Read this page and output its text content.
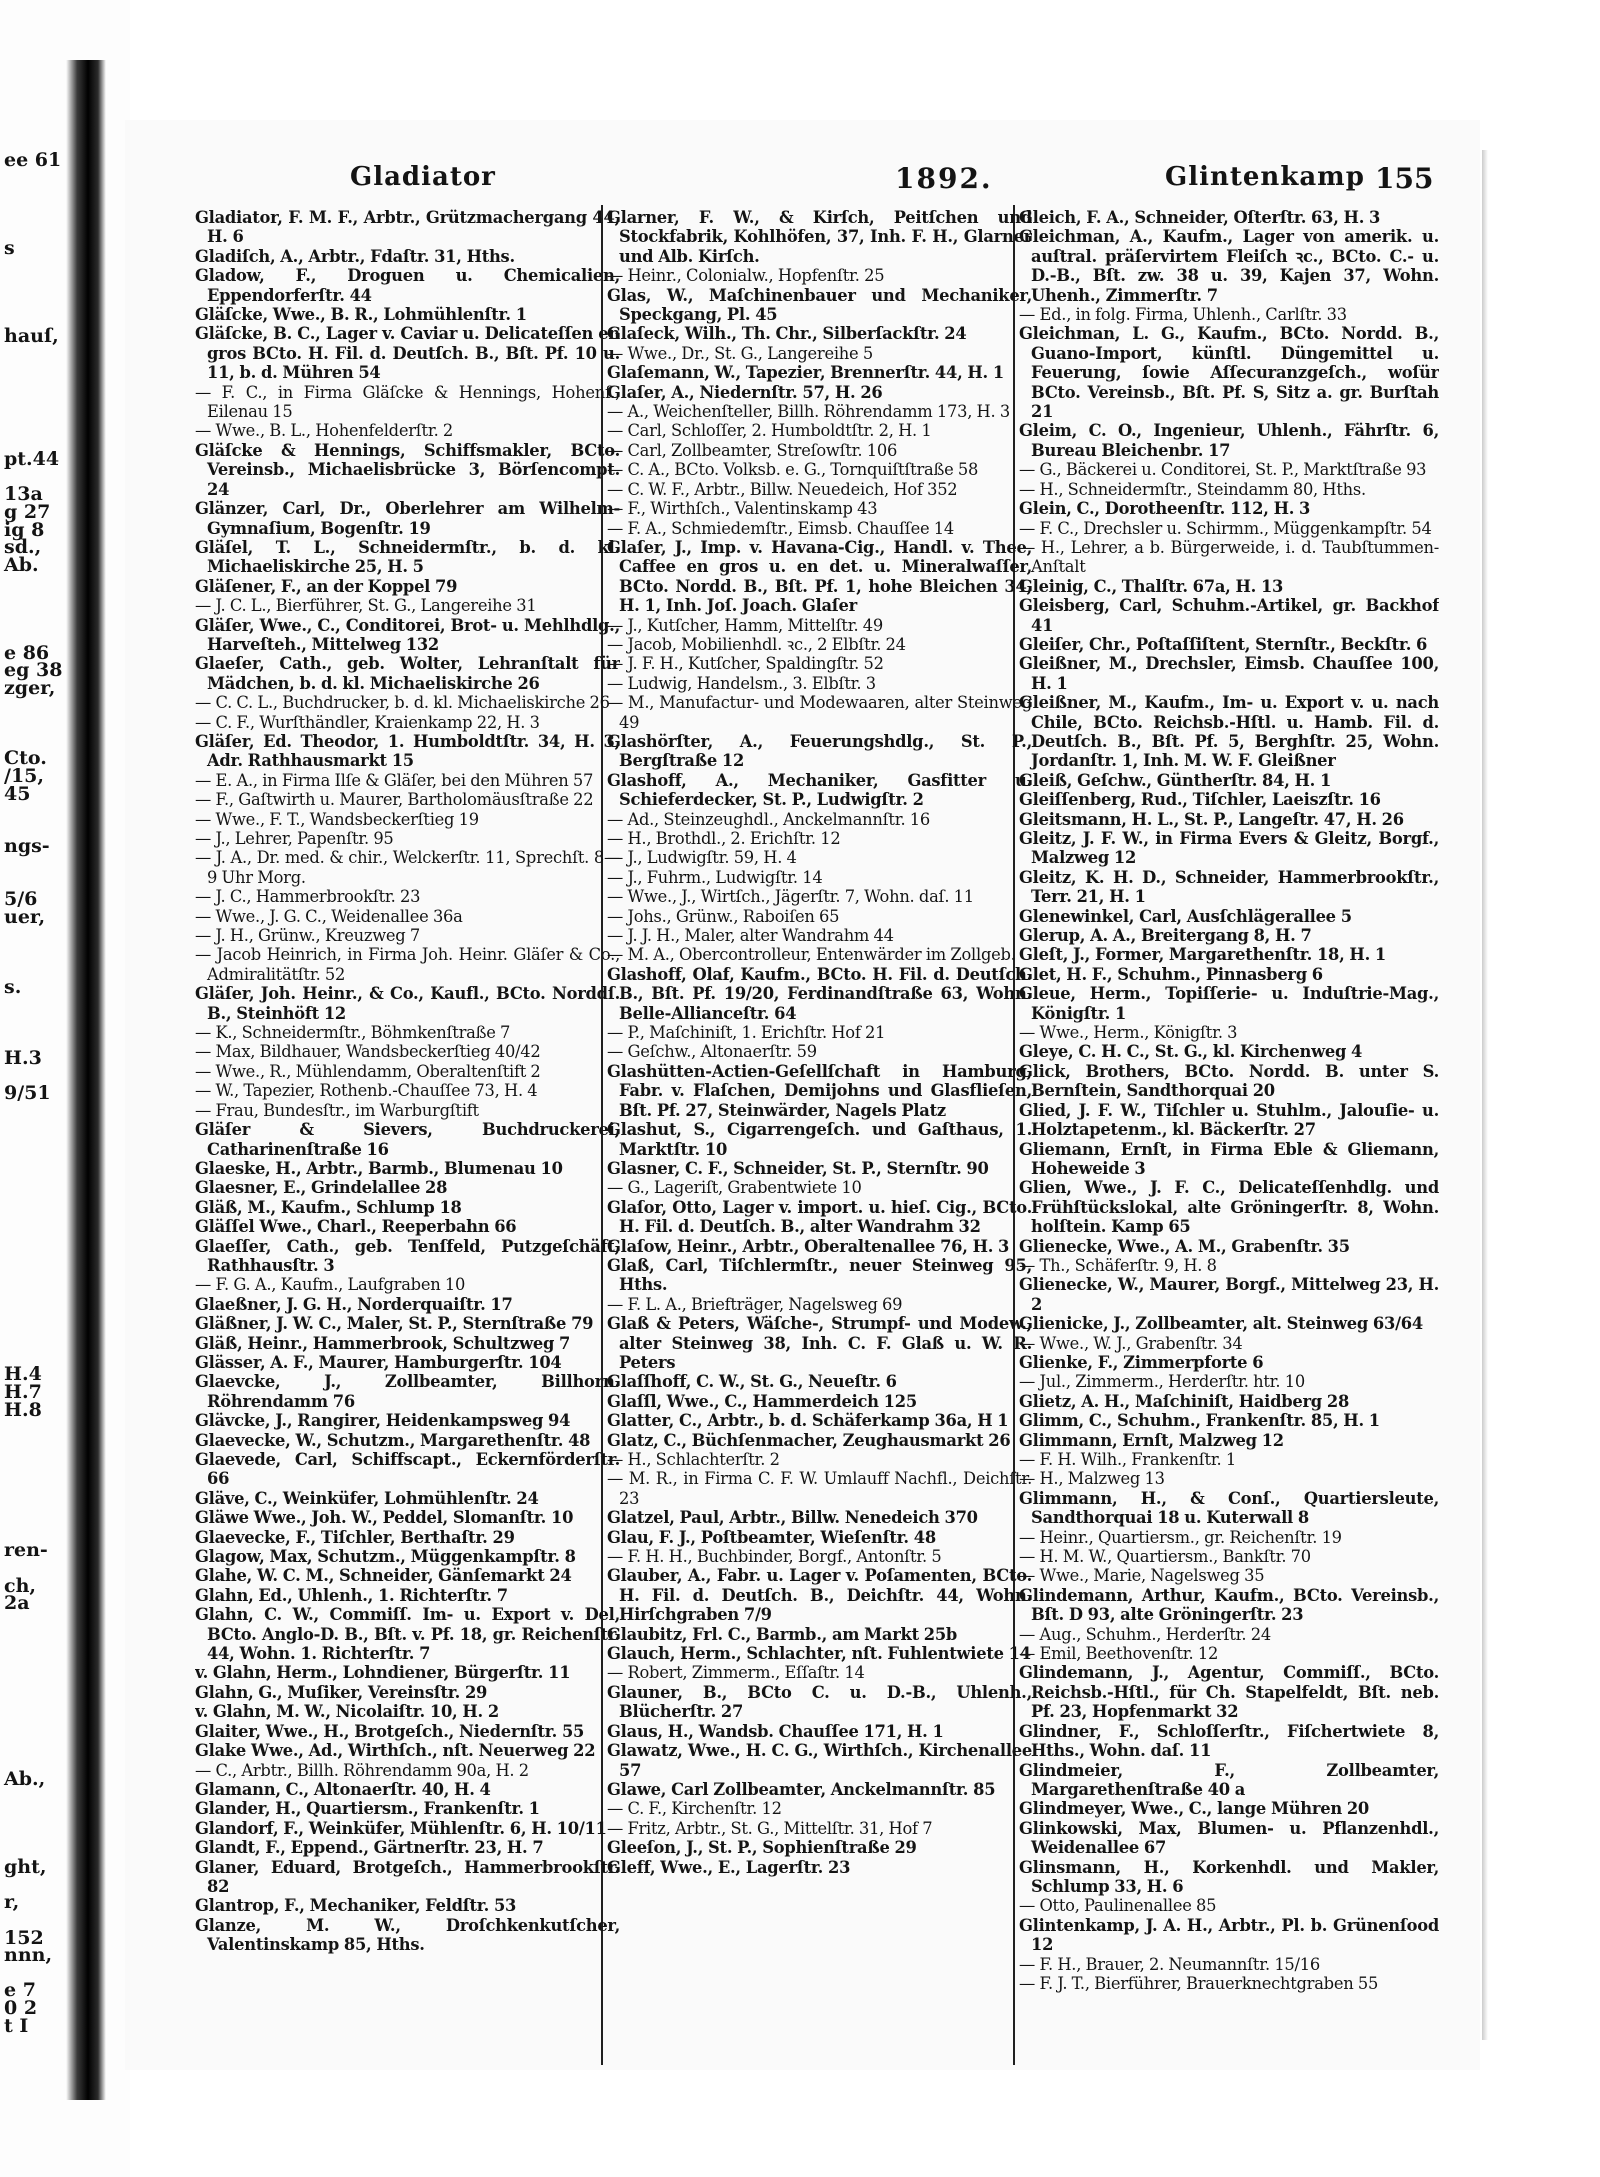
ee 61
s
hauſ,
pt.44
13a
g 27
ig 8
sd.,
Ab.
e 86
eg 38
zger,
Cto.
/15,
45
ngs-
5/6
uer,
s.
H.3
9/51
H.4
H.7
H.8
ren-
ch,
2a
Ab.,
ght,
r,
152
nnn,
e 7
0 2
t I
Gladiator	1892.	Glintenkamp 155

Gladiator, F. M. F., Arbtr., Grützmachergang 44, H. 6

Gladiſch, A., Arbtr., Fdaſtr. 31, Hths.

Gladow, F., Droguen u. Chemicalien, Eppendorferſtr. 44

Gläſcke, Wwe., B. R., Lohmühlenſtr. 1

Gläſcke, B. C., Lager v. Caviar u. Delicateſſen en gros BCto. H. Fil. d. Deutſch. B., Bſt. Pf. 10 u. 11, b. d. Mühren 54

— F. C., in Firma Gläſcke & Hennings, Hohenf., Eilenau 15

— Wwe., B. L., Hohenfelderſtr. 2

Gläſcke & Hennings, Schiffsmakler, BCto. Vereinsb., Michaelisbrücke 3, Börſencompt. 24

Glänzer, Carl, Dr., Oberlehrer am Wilhelm-Gymnaſium, Bogenſtr. 19

Gläſel, T. L., Schneidermſtr., b. d. kl. Michaeliskirche 25, H. 5

Gläſener, F., an der Koppel 79

— J. C. L., Bierführer, St. G., Langereihe 31

Gläſer, Wwe., C., Conditorei, Brot- u. Mehlhdlg., Harveſteh., Mittelweg 132

Glaeſer, Cath., geb. Wolter, Lehranſtalt für Mädchen, b. d. kl. Michaeliskirche 26

— C. C. L., Buchdrucker, b. d. kl. Michaeliskirche 26

— C. F., Wurſthändler, Kraienkamp 22, H. 3

Gläſer, Ed. Theodor, 1. Humboldtſtr. 34, H. 3, Adr. Rathhausmarkt 15

— E. A., in Firma Ilſe & Gläſer, bei den Mühren 57

— F., Gaſtwirth u. Maurer, Bartholomäusſtraße 22

— Wwe., F. T., Wandsbeckerſtieg 19

— J., Lehrer, Papenſtr. 95

— J. A., Dr. med. & chir., Welckerſtr. 11, Sprechſt. 8—9 Uhr Morg.

— J. C., Hammerbrookſtr. 23

— Wwe., J. G. C., Weidenallee 36a

— J. H., Grünw., Kreuzweg 7

— Jacob Heinrich, in Firma Joh. Heinr. Gläſer & Co., Admiralitätſtr. 52

Gläſer, Joh. Heinr., & Co., Kaufl., BCto. Norddſ. B., Steinhöft 12

— K., Schneidermſtr., Böhmkenſtraße 7

— Max, Bildhauer, Wandsbeckerſtieg 40/42

— Wwe., R., Mühlendamm, Oberaltenſtift 2

— W., Tapezier, Rothenb.-Chauſſee 73, H. 4

— Frau, Bundesſtr., im Warburgſtift

Gläſer & Sievers, Buchdruckerei, Catharinenſtraße 16

Glaeske, H., Arbtr., Barmb., Blumenau 10

Glaesner, E., Grindelallee 28

Gläß, M., Kaufm., Schlump 18

Gläſſel Wwe., Charl., Reeperbahn 66

Glaeſſer, Cath., geb. Tenſfeld, Putzgeſchäft, Rathhausſtr. 3

— F. G. A., Kaufm., Laufgraben 10

Glaeßner, J. G. H., Norderquaiſtr. 17

Gläßner, J. W. C., Maler, St. P., Sternſtraße 79

Gläß, Heinr., Hammerbrook, Schultzweg 7

Glässer, A. F., Maurer, Hamburgerſtr. 104

Glaevcke, J., Zollbeamter, Billhorn. Röhrendamm 76

Glävcke, J., Rangirer, Heidenkampsweg 94

Glaevecke, W., Schutzm., Margarethenſtr. 48

Glaevede, Carl, Schiffscapt., Eckernförderſtr. 66

Gläve, C., Weinküfer, Lohmühlenſtr. 24

Gläwe Wwe., Joh. W., Peddel, Slomanſtr. 10

Glaevecke, F., Tiſchler, Berthaſtr. 29

Glagow, Max, Schutzm., Müggenkampſtr. 8

Glahe, W. C. M., Schneider, Gänſemarkt 24

Glahn, Ed., Uhlenh., 1. Richterſtr. 7

Glahn, C. W., Commiſſ. Im- u. Export v. Del, BCto. Anglo-D. B., Bſt. v. Pf. 18, gr. Reichenſtr. 44, Wohn. 1. Richterſtr. 7

v. Glahn, Herm., Lohndiener, Bürgerſtr. 11

Glahn, G., Muſiker, Vereinsſtr. 29

v. Glahn, M. W., Nicolaiſtr. 10, H. 2

Glaiter, Wwe., H., Brotgeſch., Niedernſtr. 55

Glake Wwe., Ad., Wirthſch., nſt. Neuerweg 22

— C., Arbtr., Billh. Röhrendamm 90a, H. 2

Glamann, C., Altonaerſtr. 40, H. 4

Glander, H., Quartiersm., Frankenſtr. 1

Glandorf, F., Weinküfer, Mühlenſtr. 6, H. 10/11

Glandt, F., Eppend., Gärtnerſtr. 23, H. 7

Glaner, Eduard, Brotgeſch., Hammerbrookſtr. 82

Glantrop, F., Mechaniker, Feldſtr. 53

Glanze, M. W., Droſchkenkutſcher, Valentinskamp 85, Hths.

Glarner, F. W., & Kirſch, Peitſchen und Stockfabrik, Kohlhöfen, 37, Inh. F. H., Glarner und Alb. Kirſch.

— Heinr., Colonialw., Hopfenſtr. 25

Glas, W., Maſchinenbauer und Mechaniker, Speckgang, Pl. 45

Glaſeck, Wilh., Th. Chr., Silberſackſtr. 24

— Wwe., Dr., St. G., Langereihe 5

Glaſemann, W., Tapezier, Brennerſtr. 44, H. 1

Glaſer, A., Niedernſtr. 57, H. 26

— A., Weichenſteller, Billh. Röhrendamm 173, H. 3

— Carl, Schloſſer, 2. Humboldtſtr. 2, H. 1

— Carl, Zollbeamter, Streſowſtr. 106

— C. A., BCto. Volksb. e. G., Tornquiſtſtraße 58

— C. W. F., Arbtr., Billw. Neuedeich, Hof 352

— F., Wirthſch., Valentinskamp 43

— F. A., Schmiedemſtr., Eimsb. Chauſſee 14

Glaſer, J., Imp. v. Havana-Cig., Handl. v. Thee, Caffee en gros u. en det. u. Mineralwaſſer, BCto. Nordd. B., Bſt. Pf. 1, hohe Bleichen 34, H. 1, Inh. Joſ. Joach. Glaſer

— J., Kutſcher, Hamm, Mittelſtr. 49

— Jacob, Mobilienhdl. ꝛc., 2 Elbſtr. 24

— J. F. H., Kutſcher, Spaldingſtr. 52

— Ludwig, Handelsm., 3. Elbſtr. 3

— M., Manufactur- und Modewaaren, alter Steinweg 49

Glashörſter, A., Feuerungshdlg., St. P., Bergſtraße 12

Glashoff, A., Mechaniker, Gasfitter u. Schieferdecker, St. P., Ludwigſtr. 2

— Ad., Steinzeughdl., Anckelmannſtr. 16

— H., Brothdl., 2. Erichſtr. 12

— J., Ludwigſtr. 59, H. 4

— J., Fuhrm., Ludwigſtr. 14

— Wwe., J., Wirtſch., Jägerſtr. 7, Wohn. daſ. 11

— Johs., Grünw., Raboiſen 65

— J. J. H., Maler, alter Wandrahm 44

— M. A., Obercontrolleur, Entenwärder im Zollgeb.

Glashoff, Olaf, Kaufm., BCto. H. Fil. d. Deutſch. B., Bſt. Pf. 19/20, Ferdinandſtraße 63, Wohn. Belle-Allianceſtr. 64

— P., Maſchiniſt, 1. Erichſtr. Hof 21

— Geſchw., Altonaerſtr. 59

Glashütten-Actien-Geſellſchaft in Hamburg, Fabr. v. Flaſchen, Demijohns und Glasflieſen, Bſt. Pf. 27, Steinwärder, Nagels Platz

Glashut, S., Cigarrengeſch. und Gaſthaus, 1. Marktſtr. 10

Glasner, C. F., Schneider, St. P., Sternſtr. 90

— G., Lageriſt, Grabentwiete 10

Glaſor, Otto, Lager v. import. u. hieſ. Cig., BCto. H. Fil. d. Deutſch. B., alter Wandrahm 32

Glaſow, Heinr., Arbtr., Oberaltenallee 76, H. 3

Glaß, Carl, Tiſchlermſtr., neuer Steinweg 95, Hths.

— F. L. A., Briefträger, Nagelsweg 69

Glaß & Peters, Wäſche-, Strumpf- und Modew., alter Steinweg 38, Inh. C. F. Glaß u. W. R. Peters

Glaſſhoff, C. W., St. G., Neueſtr. 6

Glaſſl, Wwe., C., Hammerdeich 125

Glatter, C., Arbtr., b. d. Schäferkamp 36a, H 1

Glatz, C., Büchſenmacher, Zeughausmarkt 26

— H., Schlachterſtr. 2

— M. R., in Firma C. F. W. Umlauff Nachfl., Deichſtr. 23

Glatzel, Paul, Arbtr., Billw. Nenedeich 370

Glau, F. J., Poſtbeamter, Wieſenſtr. 48

— F. H. H., Buchbinder, Borgf., Antonſtr. 5

Glauber, A., Fabr. u. Lager v. Poſamenten, BCto. H. Fil. d. Deutſch. B., Deichſtr. 44, Wohn. Hirſchgraben 7/9

Glaubitz, Frl. C., Barmb., am Markt 25b

Glauch, Herm., Schlachter, nſt. Fuhlentwiete 14

— Robert, Zimmerm., Eſſaſtr. 14

Glauner, B., BCto C. u. D.-B., Uhlenh., Blücherſtr. 27

Glaus, H., Wandsb. Chauſſee 171, H. 1

Glawatz, Wwe., H. C. G., Wirthſch., Kirchenallee 57

Glawe, Carl Zollbeamter, Anckelmannſtr. 85

— C. F., Kirchenſtr. 12

— Fritz, Arbtr., St. G., Mittelſtr. 31, Hof 7

Gleeſon, J., St. P., Sophienſtraße 29

Gleff, Wwe., E., Lagerſtr. 23

Gleich, F. A., Schneider, Oſterſtr. 63, H. 3

Gleichman, A., Kaufm., Lager von amerik. u. auſtral. präſervirtem Fleiſch ꝛc., BCto. C.- u. D.-B., Bſt. zw. 38 u. 39, Kajen 37, Wohn. Uhenh., Zimmerſtr. 7

— Ed., in folg. Firma, Uhlenh., Carlſtr. 33

Gleichman, L. G., Kaufm., BCto. Nordd. B., Guano-Import, künſtl. Düngemittel u. Feuerung, ſowie Aſſecuranzgeſch., woſür BCto. Vereinsb., Bſt. Pf. S, Sitz a. gr. Burſtah 21

Gleim, C. O., Ingenieur, Uhlenh., Fährſtr. 6, Bureau Bleichenbr. 17

— G., Bäckerei u. Conditorei, St. P., Marktſtraße 93

— H., Schneidermſtr., Steindamm 80, Hths.

Glein, C., Dorotheenſtr. 112, H. 3

— F. C., Drechsler u. Schirmm., Müggenkampſtr. 54

— H., Lehrer, a b. Bürgerweide, i. d. Taubſtummen-Anſtalt

Gleinig, C., Thalſtr. 67a, H. 13

Gleisberg, Carl, Schuhm.-Artikel, gr. Backhof 41

Gleiſer, Chr., Poſtaſſiſtent, Sternſtr., Beckſtr. 6

Gleißner, M., Drechsler, Eimsb. Chauſſee 100, H. 1

Gleißner, M., Kaufm., Im- u. Export v. u. nach Chile, BCto. Reichsb.-Hſtl. u. Hamb. Fil. d. Deutſch. B., Bſt. Pf. 5, Berghſtr. 25, Wohn. Jordanſtr. 1, Inh. M. W. F. Gleißner

Gleiß, Geſchw., Güntherſtr. 84, H. 1

Gleiſſenberg, Rud., Tiſchler, Laeiszſtr. 16

Gleitsmann, H. L., St. P., Langeſtr. 47, H. 26

Gleitz, J. F. W., in Firma Evers & Gleitz, Borgf., Malzweg 12

Gleitz, K. H. D., Schneider, Hammerbrookſtr., Terr. 21, H. 1

Glenewinkel, Carl, Ausſchlägerallee 5

Glerup, A. A., Breitergang 8, H. 7

Gleſt, J., Former, Margarethenſtr. 18, H. 1

Glet, H. F., Schuhm., Pinnasberg 6

Gleue, Herm., Topiſſerie- u. Induſtrie-Mag., Königſtr. 1

— Wwe., Herm., Königſtr. 3

Gleye, C. H. C., St. G., kl. Kirchenweg 4

Glick, Brothers, BCto. Nordd. B. unter S. Bernſtein, Sandthorquai 20

Glied, J. F. W., Tiſchler u. Stuhlm., Jalouſie- u. Holztapetenm., kl. Bäckerſtr. 27

Gliemann, Ernſt, in Firma Eble & Gliemann, Hoheweide 3

Glien, Wwe., J. F. C., Delicateſſenhdlg. und Frühſtückslokal, alte Gröningerſtr. 8, Wohn. holſtein. Kamp 65

Glienecke, Wwe., A. M., Grabenſtr. 35

— Th., Schäferſtr. 9, H. 8

Glienecke, W., Maurer, Borgf., Mittelweg 23, H. 2

Glienicke, J., Zollbeamter, alt. Steinweg 63/64

— Wwe., W. J., Grabenſtr. 34

Glienke, F., Zimmerpforte 6

— Jul., Zimmerm., Herderſtr. htr. 10

Glietz, A. H., Maſchiniſt, Haidberg 28

Glimm, C., Schuhm., Frankenſtr. 85, H. 1

Glimmann, Ernſt, Malzweg 12

— F. H. Wilh., Frankenſtr. 1

— H., Malzweg 13

Glimmann, H., & Conſ., Quartiersleute, Sandthorquai 18 u. Kuterwall 8

— Heinr., Quartiersm., gr. Reichenſtr. 19

— H. M. W., Quartiersm., Bankſtr. 70

— Wwe., Marie, Nagelsweg 35

Glindemann, Arthur, Kaufm., BCto. Vereinsb., Bſt. D 93, alte Gröningerſtr. 23

— Aug., Schuhm., Herderſtr. 24

— Emil, Beethovenſtr. 12

Glindemann, J., Agentur, Commiſſ., BCto. Reichsb.-Hſtl., für Ch. Stapelfeldt, Bſt. neb. Pf. 23, Hopfenmarkt 32

Glindner, F., Schloſſerſtr., Fiſchertwiete 8, Hths., Wohn. daſ. 11

Glindmeier, F., Zollbeamter, Margarethenſtraße 40 a

Glindmeyer, Wwe., C., lange Mühren 20

Glinkowski, Max, Blumen- u. Pflanzenhdl., Weidenallee 67

Glinsmann, H., Korkenhdl. und Makler, Schlump 33, H. 6

— Otto, Paulinenallee 85

Glintenkamp, J. A. H., Arbtr., Pl. b. Grünenſood 12

— F. H., Brauer, 2. Neumannſtr. 15/16

— F. J. T., Bierführer, Brauerknechtgraben 55
